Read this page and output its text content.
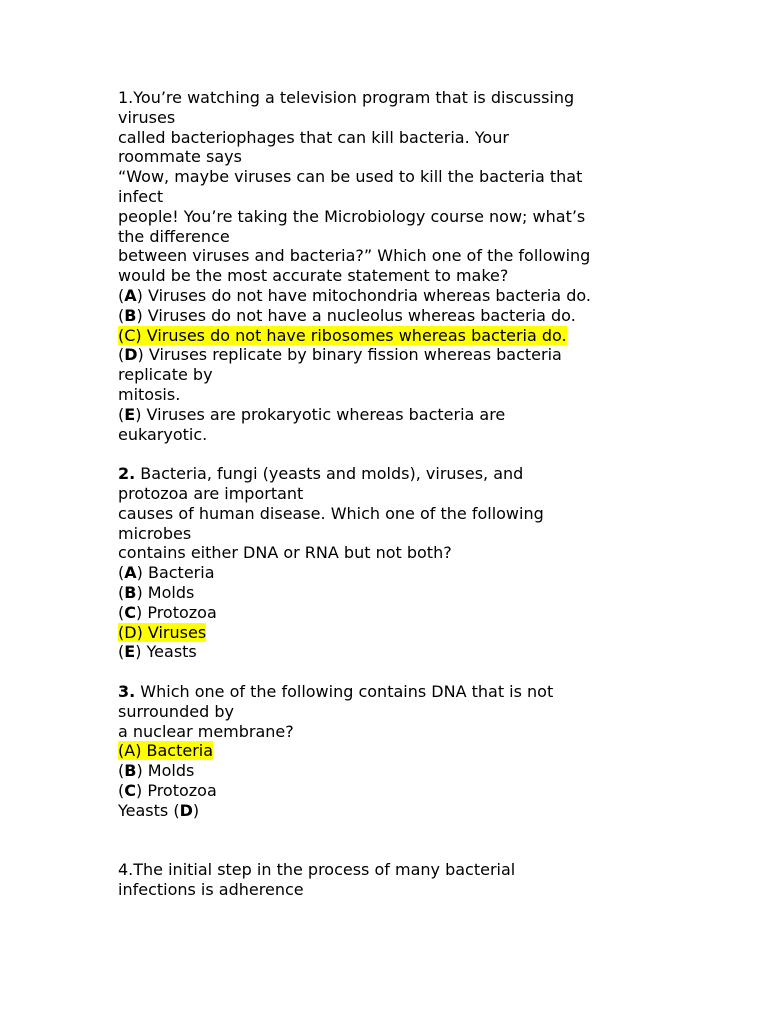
1.You’re watching a television program that is discussing
viruses
called bacteriophages that can kill bacteria. Your
roommate says
“Wow, maybe viruses can be used to kill the bacteria that
infect
people! You’re taking the Microbiology course now; what’s
the difference
between viruses and bacteria?” Which one of the following
would be the most accurate statement to make?
(A) Viruses do not have mitochondria whereas bacteria do.
(B) Viruses do not have a nucleolus whereas bacteria do.
(C) Viruses do not have ribosomes whereas bacteria do.
(D) Viruses replicate by binary fission whereas bacteria
replicate by
mitosis.
(E) Viruses are prokaryotic whereas bacteria are
eukaryotic.
2. Bacteria, fungi (yeasts and molds), viruses, and
protozoa are important
causes of human disease. Which one of the following
microbes
contains either DNA or RNA but not both?
(A) Bacteria
(B) Molds
(C) Protozoa
(D) Viruses
(E) Yeasts
3. Which one of the following contains DNA that is not
surrounded by
a nuclear membrane?
(A) Bacteria
(B) Molds
(C) Protozoa
Yeasts (D)
4.The initial step in the process of many bacterial
infections is adherence
